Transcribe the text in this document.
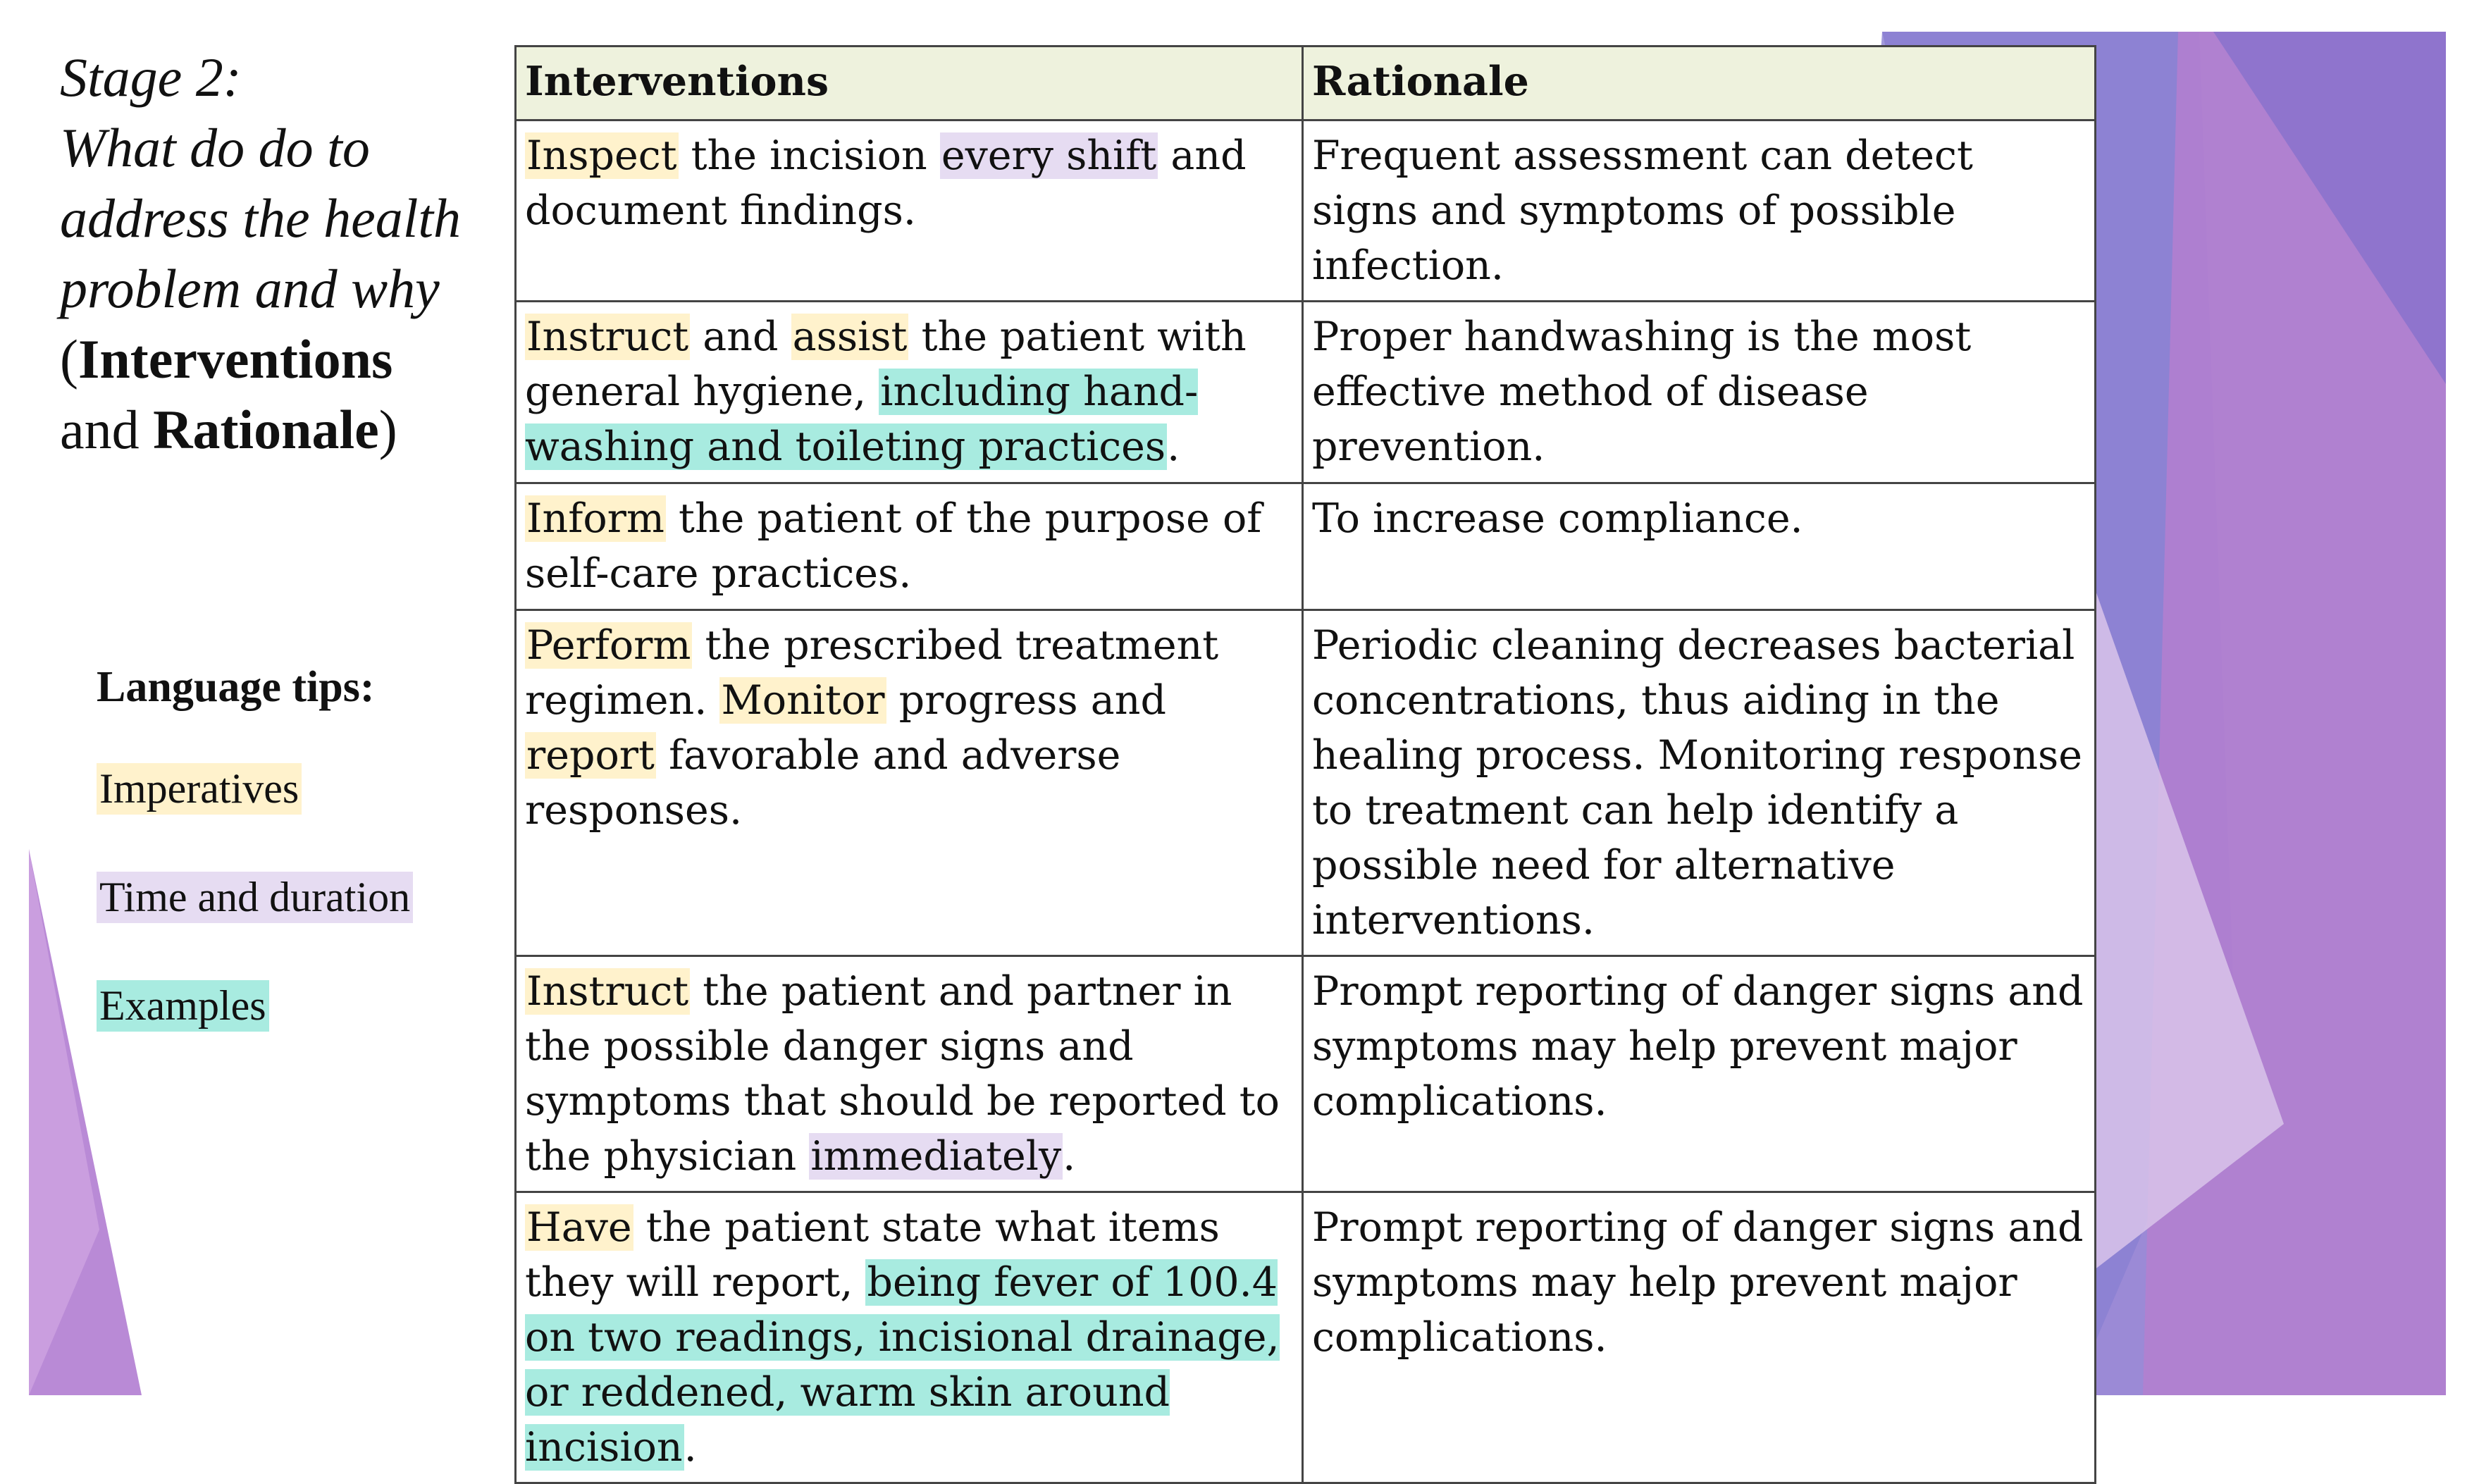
Stage 2:
What do do to
address the health
problem and why
(Interventions
and Rationale)
Language tips:
Imperatives
Time and duration
Examples
Interventions	Rationale
Inspect the incision every shift and document findings.	Frequent assessment can detect signs and symptoms of possible infection.
Instruct and assist the patient with general hygiene, including hand-washing and toileting practices.	Proper handwashing is the most effective method of disease prevention.
Inform the patient of the purpose of self-care practices.	To increase compliance.
Perform the prescribed treatment regimen. Monitor progress and report favorable and adverse responses.	Periodic cleaning decreases bacterial concentrations, thus aiding in the healing process. Monitoring response to treatment can help identify a possible need for alternative interventions.
Instruct the patient and partner in the possible danger signs and symptoms that should be reported to the physician immediately.	Prompt reporting of danger signs and symptoms may help prevent major complications.
Have the patient state what items they will report, being fever of 100.4 on two readings, incisional drainage, or reddened, warm skin around incision.	Prompt reporting of danger signs and symptoms may help prevent major complications.
